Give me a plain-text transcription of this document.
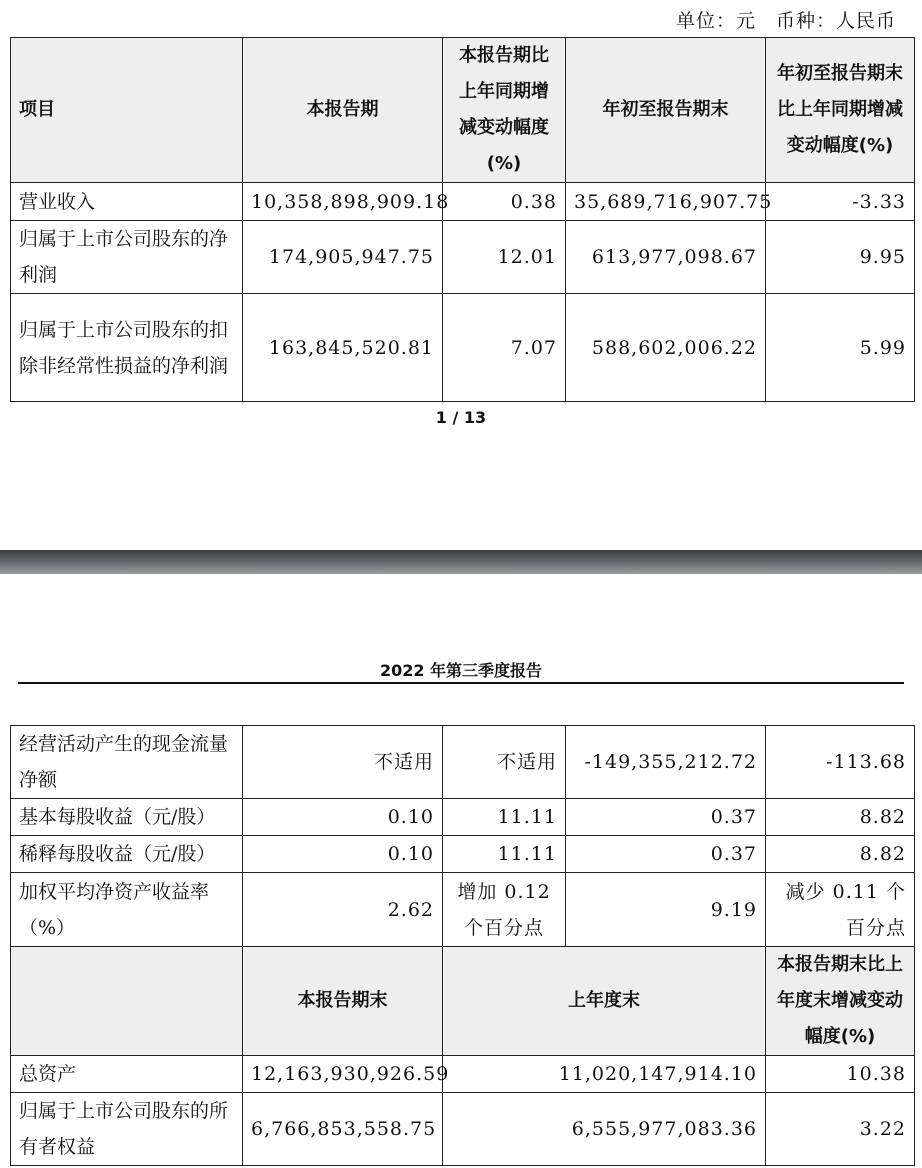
单位：元　币种：人民币
项目	本报告期	本报告期比上年同期增减变动幅度(%)	年初至报告期末	年初至报告期末比上年同期增减变动幅度(%)
营业收入	10,358,898,909.18	0.38	35,689,716,907.75	-3.33
归属于上市公司股东的净利润	174,905,947.75	12.01	613,977,098.67	9.95
归属于上市公司股东的扣除非经常性损益的净利润	163,845,520.81	7.07	588,602,006.22	5.99
1 / 13
2022 年第三季度报告
经营活动产生的现金流量净额	不适用	不适用	-149,355,212.72	-113.68
基本每股收益（元/股）	0.10	11.11	0.37	8.82
稀释每股收益（元/股）	0.10	11.11	0.37	8.82
加权平均净资产收益率（%）	2.62	增加 0.12 个百分点	9.19	减少 0.11 个百分点
	本报告期末	上年度末		本报告期末比上年度末增减变动幅度(%)
总资产	12,163,930,926.59	11,020,147,914.10		10.38
归属于上市公司股东的所有者权益	6,766,853,558.75	6,555,977,083.36		3.22
